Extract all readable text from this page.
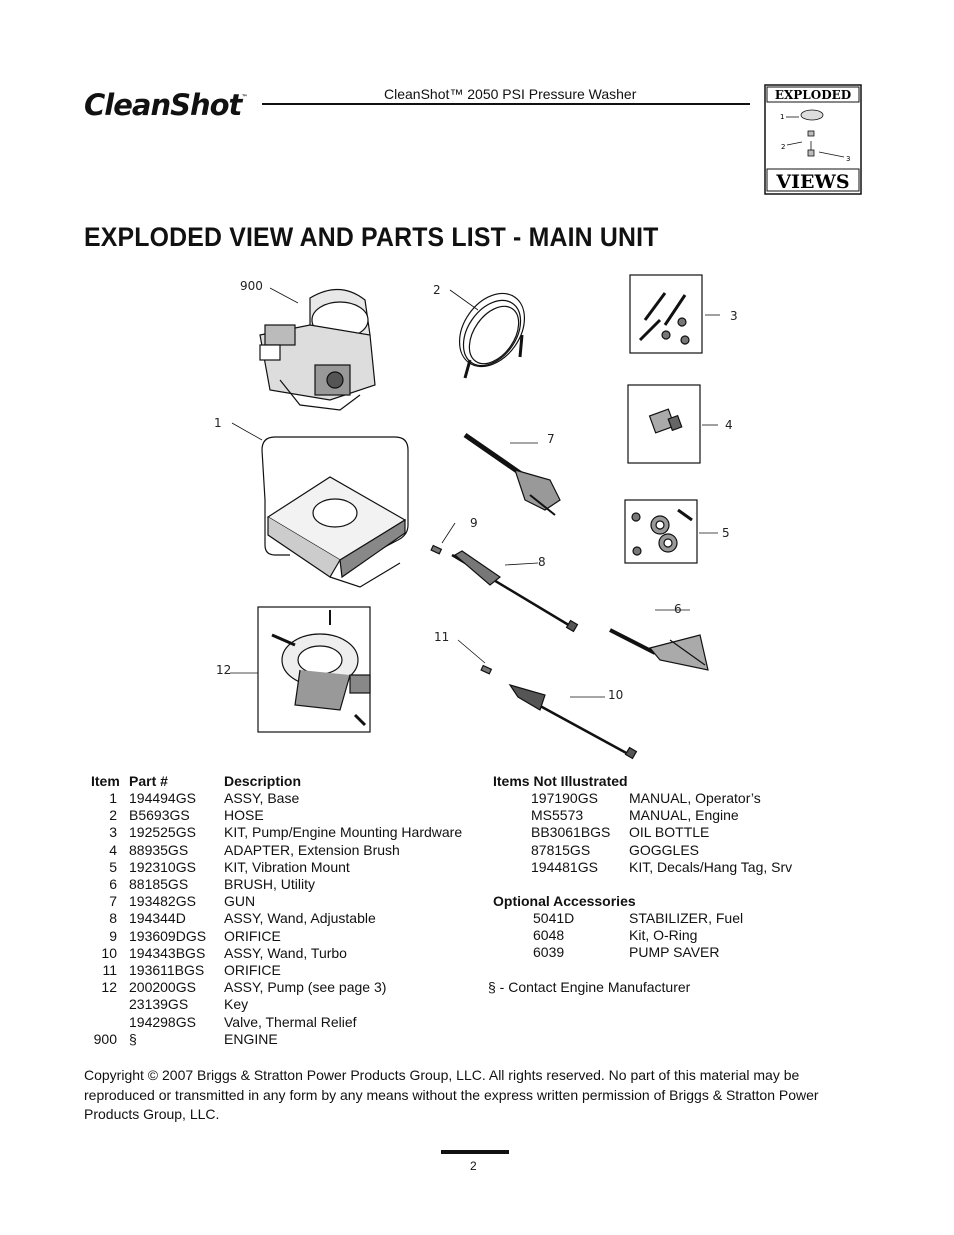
CleanShot™	CleanShot™ 2050 PSI Pressure Washer	EXPLODED
VIEWS
1
2
3
EXPLODED VIEW AND PARTS LIST - MAIN UNIT
900	2
3
1	4
7
9
5
8
6
11
12
10
Item Part #	Description
1 194494GS ASSY, Base
2 B5693GS HOSE
3 192525GS KIT, Pump/Engine Mounting Hardware
4 88935GS	ADAPTER, Extension Brush
5 192310GS KIT, Vibration Mount
6 88185GS	BRUSH, Utility
7 193482GS GUN
8 194344D	ASSY, Wand, Adjustable
9 193609DGS ORIFICE
10 194343BGS ASSY, Wand, Turbo
11 193611BGS ORIFICE
12 200200GS ASSY, Pump (see page 3)
23139GS	Key
194298GS Valve, Thermal Relief
900 §	ENGINE
Items Not Illustrated
197190GS MANUAL, Operator’s
MS5573	MANUAL, Engine
BB3061BGS OIL BOTTLE
87815GS	GOGGLES
194481GS KIT, Decals/Hang Tag, Srv
Optional Accessories
5041D	STABILIZER, Fuel
6048	Kit, O-Ring
6039	PUMP SAVER
§ - Contact Engine Manufacturer
Copyright © 2007 Briggs & Stratton Power Products Group, LLC. All rights reserved. No part of this material may be reproduced or transmitted in any form by any means without the express written permission of Briggs & Stratton Power Products Group, LLC.
2
